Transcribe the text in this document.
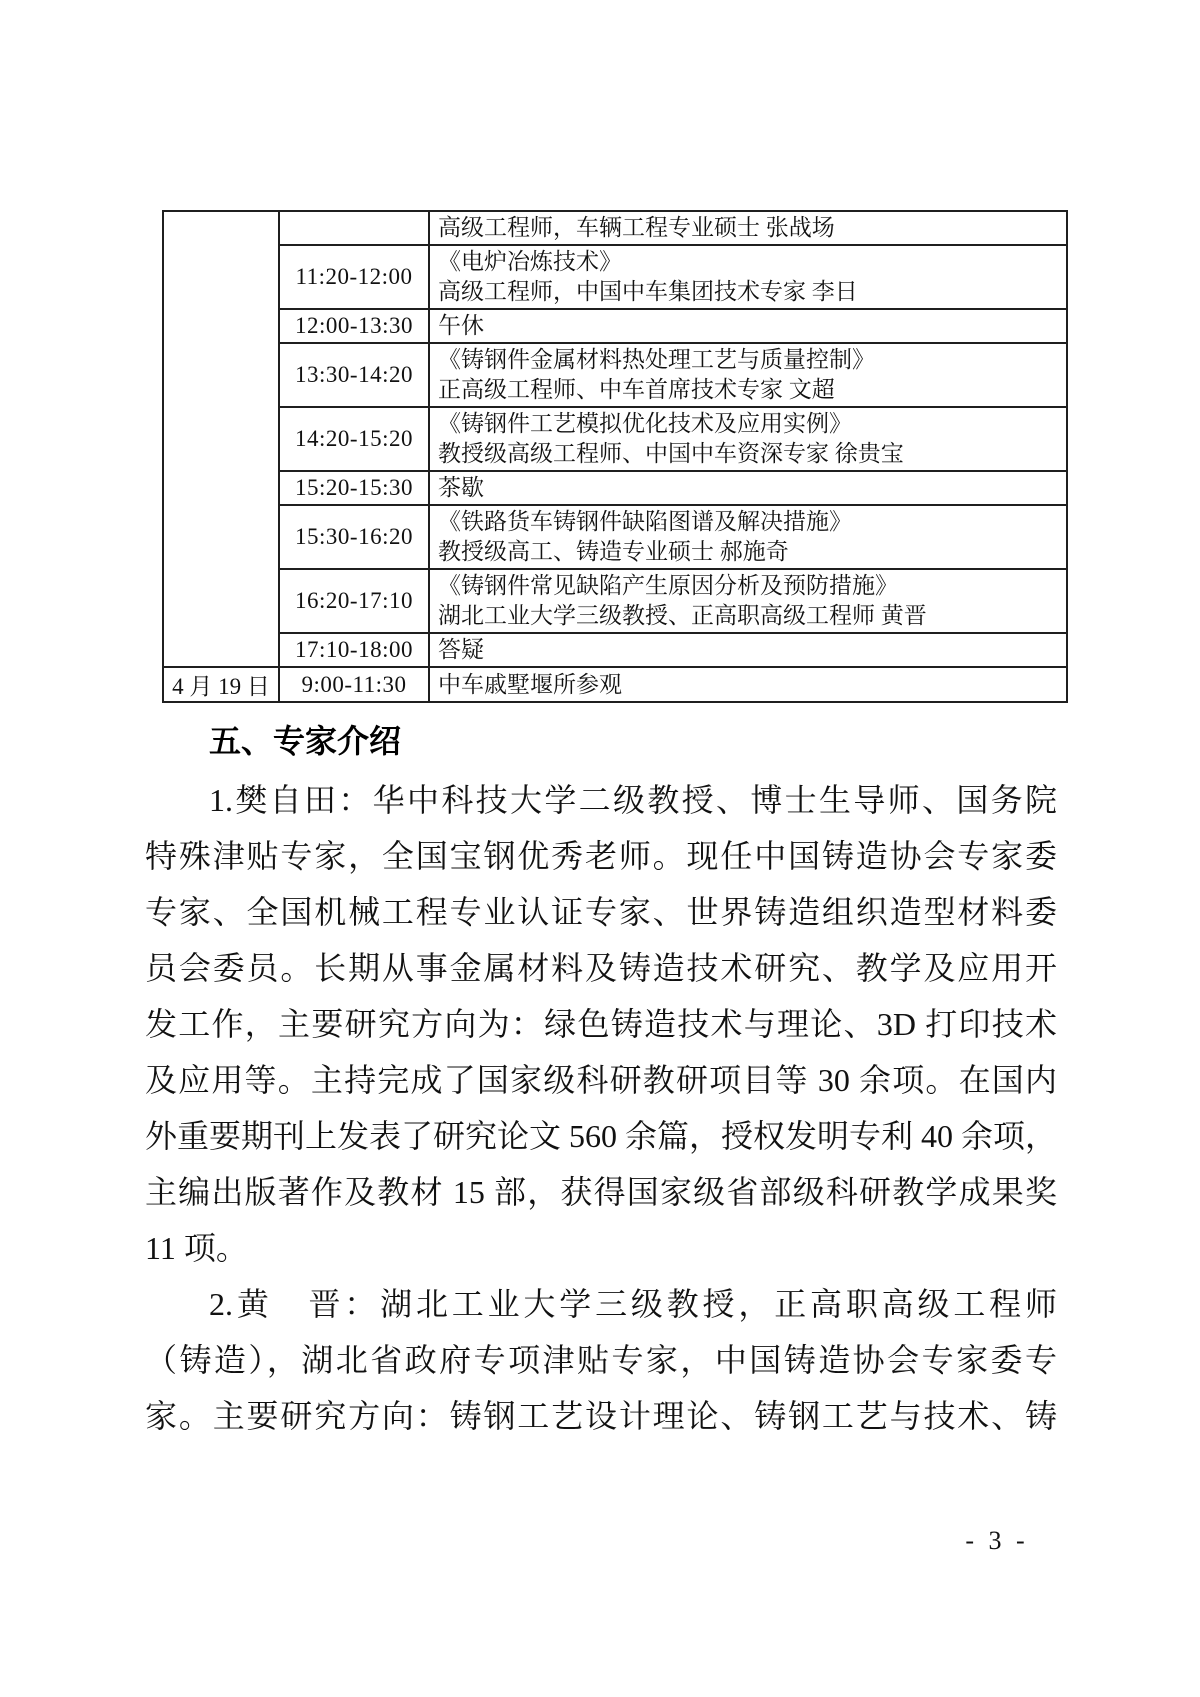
		高级工程师，车辆工程专业硕士 张战场

	11:20-12:00	《电炉冶炼技术》
高级工程师，中国中车集团技术专家 李日

	12:00-13:30	午休

	13:30-14:20	《铸钢件金属材料热处理工艺与质量控制》
正高级工程师、中车首席技术专家 文超

	14:20-15:20	《铸钢件工艺模拟优化技术及应用实例》
教授级高级工程师、中国中车资深专家 徐贵宝

	15:20-15:30	茶歇

	15:30-16:20	《铁路货车铸钢件缺陷图谱及解决措施》
教授级高工、铸造专业硕士 郝施奇

	16:20-17:10	《铸钢件常见缺陷产生原因分析及预防措施》
湖北工业大学三级教授、正高职高级工程师 黄晋

	17:10-18:00	答疑

4 月 19 日	9:00-11:30	中车戚墅堰所参观
五、专家介绍
1.樊自田：华中科技大学二级教授、博士生导师、国务院
特殊津贴专家，全国宝钢优秀老师。现任中国铸造协会专家委
专家、全国机械工程专业认证专家、世界铸造组织造型材料委
员会委员。长期从事金属材料及铸造技术研究、教学及应用开
发工作，主要研究方向为：绿色铸造技术与理论、3D 打印技术
及应用等。主持完成了国家级科研教研项目等 30 余项。在国内
外重要期刊上发表了研究论文 560 余篇，授权发明专利 40 余项，
主编出版著作及教材 15 部，获得国家级省部级科研教学成果奖
11 项。
2.黄　晋：湖北工业大学三级教授，正高职高级工程师
（铸造），湖北省政府专项津贴专家，中国铸造协会专家委专
家。主要研究方向：铸钢工艺设计理论、铸钢工艺与技术、铸
- 3 -
